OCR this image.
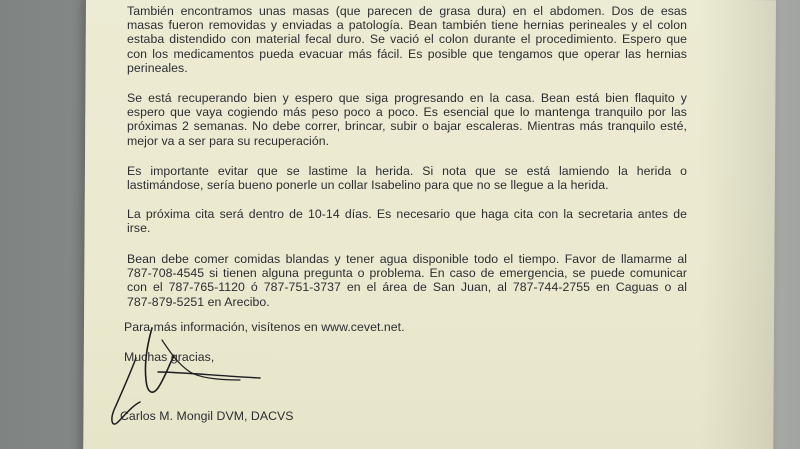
También encontramos unas masas (que parecen de grasa dura) en el abdomen. Dos de esas
masas fueron removidas y enviadas a patología. Bean también tiene hernias perineales y el colon
estaba distendido con material fecal duro. Se vació el colon durante el procedimiento. Espero que
con los medicamentos pueda evacuar más fácil. Es posible que tengamos que operar las hernias
perineales.
Se está recuperando bien y espero que siga progresando en la casa. Bean está bien flaquito y
espero que vaya cogiendo más peso poco a poco. Es esencial que lo mantenga tranquilo por las
próximas 2 semanas. No debe correr, brincar, subir o bajar escaleras. Mientras más tranquilo esté,
mejor va a ser para su recuperación.
Es importante evitar que se lastime la herida. Si nota que se está lamiendo la herida o
lastimándose, sería bueno ponerle un collar Isabelino para que no se llegue a la herida.
La próxima cita será dentro de 10-14 días. Es necesario que haga cita con la secretaria antes de
irse.
Bean debe comer comidas blandas y tener agua disponible todo el tiempo. Favor de llamarme al
787-708-4545 si tienen alguna pregunta o problema. En caso de emergencia, se puede comunicar
con el 787-765-1120 ó 787-751-3737 en el área de San Juan, al 787-744-2755 en Caguas o al
787-879-5251 en Arecibo.
Para más información, visítenos en www.cevet.net.
Muchas gracias,
Carlos M. Mongil DVM, DACVS
